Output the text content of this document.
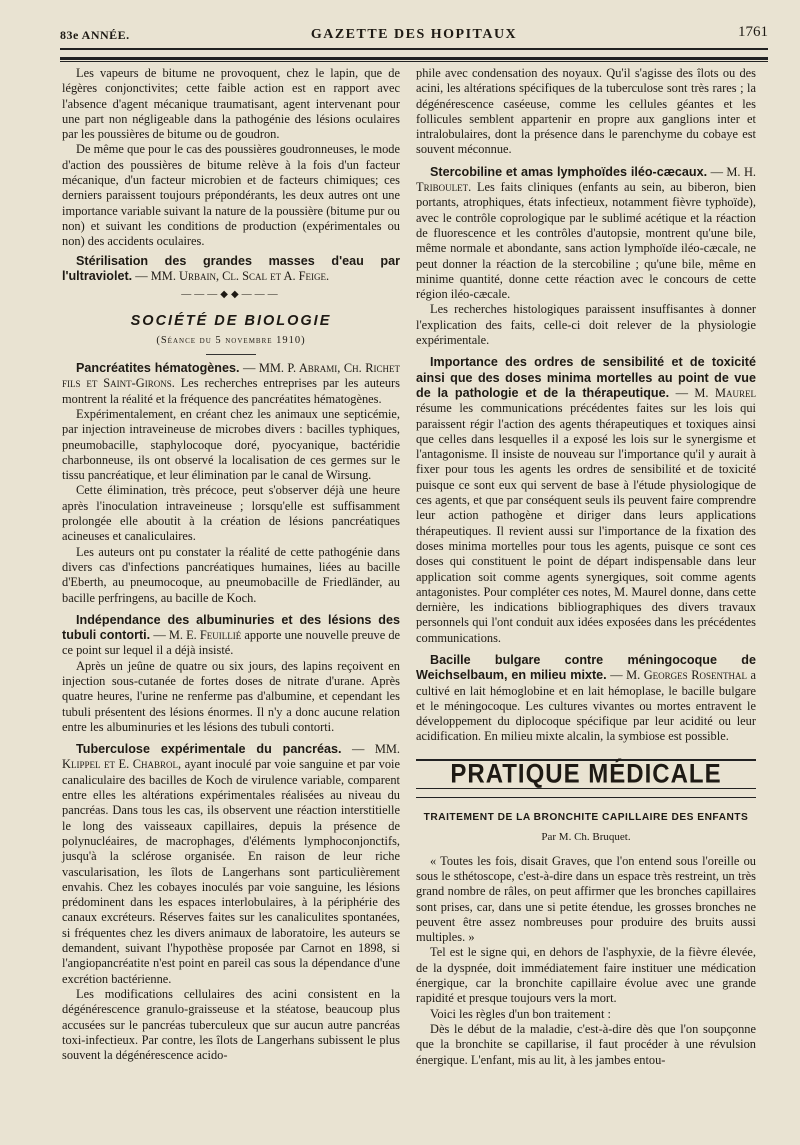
83e ANNÉE.	GAZETTE DES HOPITAUX	1761

Les vapeurs de bitume ne provoquent, chez le lapin, que de légères conjonctivites; cette faible action est en rapport avec l'absence d'agent mécanique traumatisant, agent intervenant pour une part non négligeable dans la pathogénie des lésions oculaires par les poussières de bitume ou de goudron.

De même que pour le cas des poussières goudronneuses, le mode d'action des poussières de bitume relève à la fois d'un facteur mécanique, d'un facteur microbien et de facteurs chimiques; ces derniers paraissent toujours prépondérants, les deux autres ont une importance variable suivant la nature de la poussière (bitume pur ou non) et suivant les conditions de production (expérimentales ou non) des accidents oculaires.

Stérilisation des grandes masses d'eau par l'ultraviolet. — MM. Urbain, Cl. Scal et A. Feige.

———◆◆———
SOCIÉTÉ DE BIOLOGIE
(Séance du 5 novembre 1910)

Pancréatites hématogènes. — MM. P. Abrami, Ch. Richet fils et Saint-Girons. Les recherches entreprises par les auteurs montrent la réalité et la fréquence des pancréatites hématogènes.

Expérimentalement, en créant chez les animaux une septicémie, par injection intraveineuse de microbes divers : bacilles typhiques, pneumobacille, staphylocoque doré, pyocyanique, bactéridie charbonneuse, ils ont observé la localisation de ces germes sur le tissu pancréatique, et leur élimination par le canal de Wirsung.

Cette élimination, très précoce, peut s'observer déjà une heure après l'inoculation intraveineuse ; lorsqu'elle est suffisamment prolongée elle aboutit à la création de lésions pancréatiques acineuses et canaliculaires.

Les auteurs ont pu constater la réalité de cette pathogénie dans divers cas d'infections pancréatiques humaines, liées au bacille d'Eberth, au pneumocoque, au pneumobacille de Friedländer, au bacille perfringens, au bacille de Koch.

Indépendance des albuminuries et des lésions des tubuli contorti. — M. E. Feuillié apporte une nouvelle preuve de ce point sur lequel il a déjà insisté.

Après un jeûne de quatre ou six jours, des lapins reçoivent en injection sous-cutanée de fortes doses de nitrate d'urane. Après quatre heures, l'urine ne renferme pas d'albumine, et cependant les tubuli présentent des lésions énormes. Il n'y a donc aucune relation entre les albuminuries et les lésions des tubuli contorti.

Tuberculose expérimentale du pancréas. — MM. Klippel et E. Chabrol, ayant inoculé par voie sanguine et par voie canaliculaire des bacilles de Koch de virulence variable, comparent entre elles les altérations expérimentales réalisées au niveau du pancréas. Dans tous les cas, ils observent une réaction interstitielle le long des vaisseaux capillaires, depuis la présence de polynucléaires, de macrophages, d'éléments lymphoconjonctifs, jusqu'à la sclérose organisée. En raison de leur riche vascularisation, les îlots de Langerhans sont particulièrement envahis. Chez les cobayes inoculés par voie sanguine, les lésions prédominent dans les espaces interlobulaires, à la périphérie des canaux excréteurs. Réserves faites sur les canaliculites spontanées, si fréquentes chez les divers animaux de laboratoire, les auteurs se demandent, suivant l'hypothèse proposée par Carnot en 1898, si l'angiopancréatite n'est point en pareil cas sous la dépendance d'une excrétion bactérienne.

Les modifications cellulaires des acini consistent en la dégénérescence granulo-graisseuse et la stéatose, beaucoup plus accusées sur le pancréas tuberculeux que sur aucun autre pancréas toxi-infectieux. Par contre, les îlots de Langerhans subissent le plus souvent la dégénérescence acido-

phile avec condensation des noyaux. Qu'il s'agisse des îlots ou des acini, les altérations spécifiques de la tuberculose sont très rares ; la dégénérescence caséeuse, comme les cellules géantes et les follicules semblent appartenir en propre aux ganglions inter et intralobulaires, dont la présence dans le parenchyme du cobaye est souvent méconnue.

Stercobiline et amas lymphoïdes iléo-cæcaux. — M. H. Triboulet. Les faits cliniques (enfants au sein, au biberon, bien portants, atrophiques, états infectieux, notamment fièvre typhoïde), avec le contrôle coprologique par le sublimé acétique et la réaction de fluorescence et les contrôles d'autopsie, montrent qu'une bile, même normale et abondante, sans action lymphoïde iléo-cæcale, ne peut donner la réaction de la stercobiline ; qu'une bile, même en minime quantité, donne cette réaction avec le concours de cette région iléo-cæcale.

Les recherches histologiques paraissent insuffisantes à donner l'explication des faits, celle-ci doit relever de la physiologie expérimentale.

Importance des ordres de sensibilité et de toxicité ainsi que des doses minima mortelles au point de vue de la pathologie et de la thérapeutique. — M. Maurel résume les communications précédentes faites sur les lois qui paraissent régir l'action des agents thérapeutiques et toxiques ainsi que celles dans lesquelles il a exposé les lois sur le synergisme et l'antagonisme. Il insiste de nouveau sur l'importance qu'il y aurait à fixer pour tous les agents les ordres de sensibilité et de toxicité puisque ce sont eux qui servent de base à l'étude physiologique de ces agents, et que par conséquent seuls ils peuvent faire comprendre leur action pathogène et diriger dans leurs applications thérapeutiques. Il revient aussi sur l'importance de la fixation des doses minima mortelles pour tous les agents, puisque ce sont ces doses qui constituent le point de départ indispensable dans leur application soit comme agents synergiques, soit comme agents antagonistes. Pour compléter ces notes, M. Maurel donne, dans cette dernière, les indications bibliographiques des divers travaux personnels qui l'ont conduit aux idées exposées dans les précédentes communications.

Bacille bulgare contre méningocoque de Weichselbaum, en milieu mixte. — M. Georges Rosenthal a cultivé en lait hémoglobine et en lait hémoplase, le bacille bulgare et le méningocoque. Les cultures vivantes ou mortes entravent le développement du diplocoque spécifique par leur acidité ou leur acidification. En milieu mixte alcalin, la symbiose est possible.

PRATIQUE MÉDICALE
TRAITEMENT DE LA BRONCHITE CAPILLAIRE DES ENFANTS
Par M. Ch. Bruquet.

« Toutes les fois, disait Graves, que l'on entend sous l'oreille ou sous le sthétoscope, c'est-à-dire dans un espace très restreint, un très grand nombre de râles, on peut affirmer que les bronches capillaires sont prises, car, dans une si petite étendue, les grosses bronches ne peuvent être assez nombreuses pour produire des bruits aussi multiples. »

Tel est le signe qui, en dehors de l'asphyxie, de la fièvre élevée, de la dyspnée, doit immédiatement faire instituer une médication énergique, car la bronchite capillaire évolue avec une grande rapidité et presque toujours vers la mort.

Voici les règles d'un bon traitement :

Dès le début de la maladie, c'est-à-dire dès que l'on soupçonne que la bronchite se capillarise, il faut procéder à une révulsion énergique. L'enfant, mis au lit, à les jambes entou-
